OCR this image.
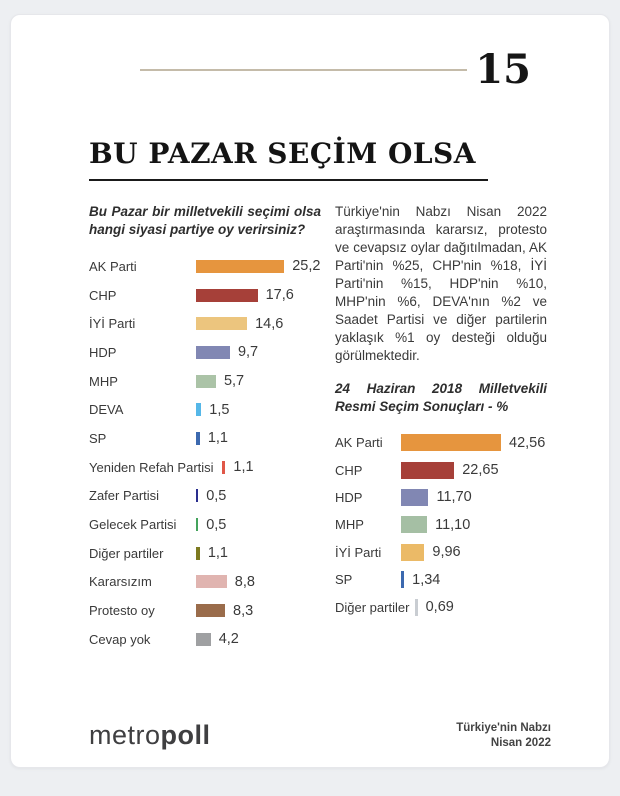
15
BU PAZAR SEÇİM OLSA

Bu Pazar bir milletvekili seçimi olsa hangi siyasi partiye oy verirsiniz?

AK Parti	25,2
CHP	17,6
İYİ Parti	14,6
HDP	9,7
MHP	5,7
DEVA	1,5
SP	1,1
Yeniden Refah Partisi	1,1
Zafer Partisi	0,5
Gelecek Partisi	0,5
Diğer partiler	1,1
Kararsızım	8,8
Protesto oy	8,3
Cevap yok	4,2

Türkiye'nin Nabzı Nisan 2022 araştırmasında kararsız, protesto ve cevapsız oylar dağıtılmadan, AK Parti'nin %25, CHP'nin %18, İYİ Parti'nin %15, HDP'nin %10, MHP'nin %6, DEVA'nın %2 ve Saadet Partisi ve diğer partilerin yaklaşık %1 oy desteği olduğu görülmektedir.

24 Haziran 2018 Milletvekili Resmi Seçim Sonuçları - %

AK Parti	42,56
CHP	22,65
HDP	11,70
MHP	11,10
İYİ Parti	9,96
SP	1,34
Diğer partiler	0,69
metropoll	Türkiye'nin Nabzı
Nisan 2022
